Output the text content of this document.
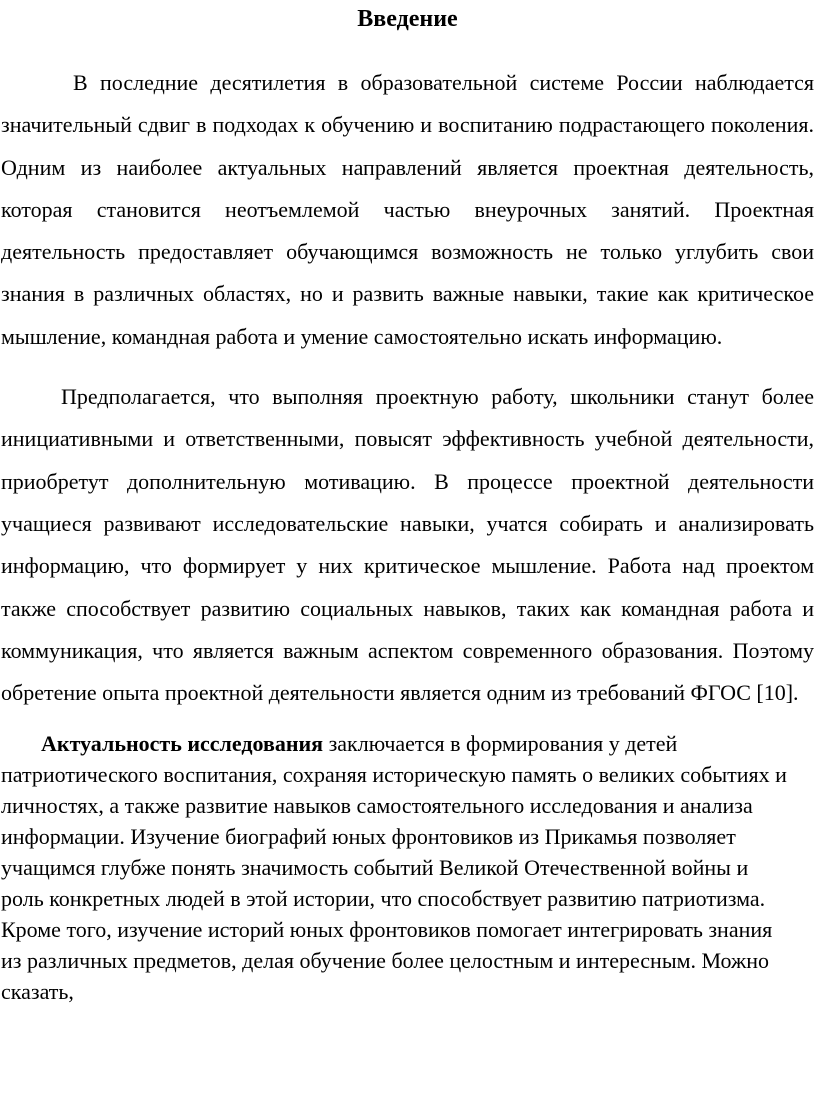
Введение

В последние десятилетия в образовательной системе России наблюдается значительный сдвиг в подходах к обучению и воспитанию подрастающего поколения. Одним из наиболее актуальных направлений является проектная деятельность, которая становится неотъемлемой частью внеурочных занятий. Проектная деятельность предоставляет обучающимся возможность не только углубить свои знания в различных областях, но и развить важные навыки, такие как критическое мышление, командная работа и умение самостоятельно искать информацию.

Предполагается, что выполняя проектную работу, школьники станут более инициативными и ответственными, повысят эффективность учебной деятельности, приобретут дополнительную мотивацию. В процессе проектной деятельности учащиеся развивают исследовательские навыки, учатся собирать и анализировать информацию, что формирует у них критическое мышление. Работа над проектом также способствует развитию социальных навыков, таких как командная работа и коммуникация, что является важным аспектом современного образования. Поэтому обретение опыта проектной деятельности является одним из требований ФГОС [10].

Актуальность исследования заключается в формирования у детей патриотического воспитания, сохраняя историческую память о великих событиях и личностях, а также развитие навыков самостоятельного исследования и анализа информации. Изучение биографий юных фронтовиков из Прикамья позволяет учащимся глубже понять значимость событий Великой Отечественной войны и роль конкретных людей в этой истории, что способствует развитию патриотизма. Кроме того, изучение историй юных фронтовиков помогает интегрировать знания из различных предметов, делая обучение более целостным и интересным. Можно сказать,
